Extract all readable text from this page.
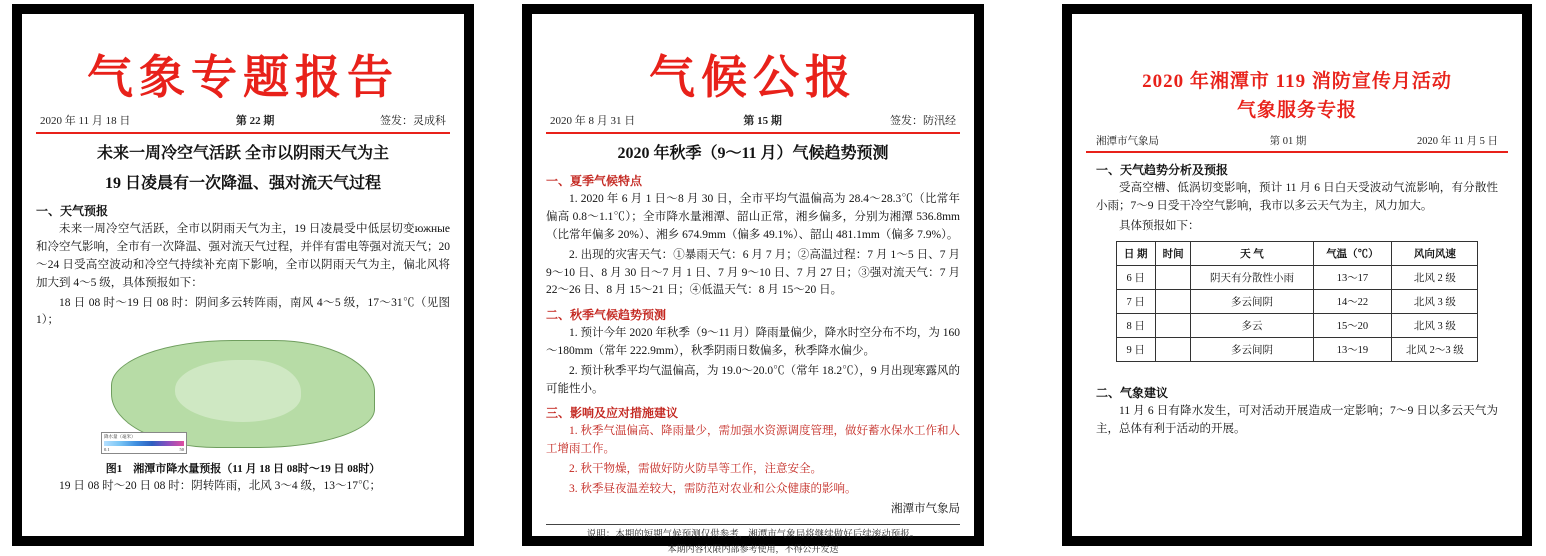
气象专题报告
2020 年 11 月 18 日	第 22 期	签发：灵成科
未来一周冷空气活跃 全市以阴雨天气为主
19 日凌晨有一次降温、强对流天气过程
一、天气预报

未来一周冷空气活跃，全市以阴雨天气为主，19 日凌晨受中低层切变южные和冷空气影响，全市有一次降温、强对流天气过程，并伴有雷电等强对流天气；20～24 日受高空波动和冷空气持续补充南下影响，全市以阴雨天气为主，偏北风将加大到 4～5 级，具体预报如下：

18 日 08 时～19 日 08 时：阴间多云转阵雨，南风 4～5 级，17～31℃（见图 1）；

降水量（毫米）
0.1	50
图1　湘潭市降水量预报（11 月 18 日 08时～19 日 08时）

19 日 08 时～20 日 08 时：阴转阵雨，北风 3～4 级，13～17℃；

气候公报
2020 年 8 月 31 日	第 15 期	签发：防汛经
2020 年秋季（9～11 月）气候趋势预测
一、夏季气候特点

1. 2020 年 6 月 1 日～8 月 30 日，全市平均气温偏高为 28.4～28.3℃（比常年偏高 0.8～1.1℃）；全市降水量湘潭、韶山正常，湘乡偏多，分别为湘潭 536.8mm（比常年偏多 20%）、湘乡 674.9mm（偏多 49.1%）、韶山 481.1mm（偏多 7.9%）。

2. 出现的灾害天气：①暴雨天气：6 月 7 月；②高温过程：7 月 1～5 日、7 月 9～10 日、8 月 30 日～7 月 1 日、7 月 9～10 日、7 月 27 日；③强对流天气：7 月 22～26 日、8 月 15～21 日；④低温天气：8 月 15～20 日。

二、秋季气候趋势预测

1. 预计今年 2020 年秋季（9～11 月）降雨量偏少，降水时空分布不均，为 160～180mm（常年 222.9mm），秋季阴雨日数偏多，秋季降水偏少。

2. 预计秋季平均气温偏高，为 19.0～20.0℃（常年 18.2℃），9 月出现寒露风的可能性小。

三、影响及应对措施建议

1. 秋季气温偏高、降雨量少，需加强水资源调度管理，做好蓄水保水工作和人工增雨工作。

2. 秋干物燥，需做好防火防旱等工作，注意安全。

3. 秋季昼夜温差较大，需防范对农业和公众健康的影响。

湘潭市气象局

说明：本期的短期气候预测仅供参考，湘潭市气象局将继续做好后续滚动预报。
本期内容仅限内部参考使用，不得公开发送
2020 年湘潭市 119 消防宣传月活动
气象服务专报
湘潭市气象局	第 01 期	2020 年 11 月 5 日
一、天气趋势分析及预报

受高空槽、低涡切变影响，预计 11 月 6 日白天受波动气流影响，有分散性小雨；7～9 日受干冷空气影响，我市以多云天气为主，风力加大。

具体预报如下：

日 期	时间	天 气	气温（℃）	风向风速
6 日		阴天有分散性小雨	13～17	北风 2 级
7 日		多云间阴	14～22	北风 3 级
8 日		多云	15～20	北风 3 级
9 日		多云间阴	13～19	北风 2～3 级
二、气象建议

11 月 6 日有降水发生，可对活动开展造成一定影响；7～9 日以多云天气为主，总体有利于活动的开展。
